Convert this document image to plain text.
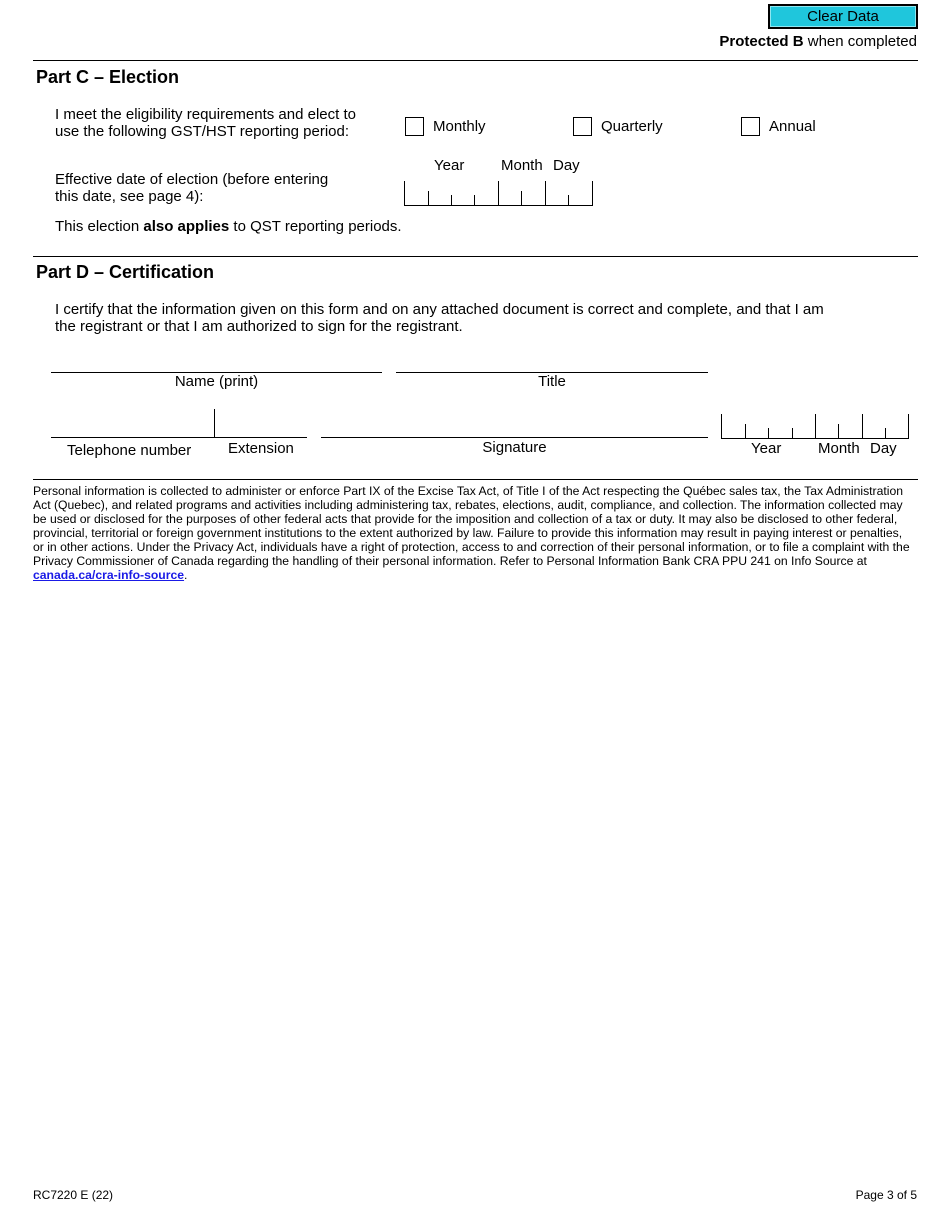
Clear Data
Protected B when completed
Part C – Election
I meet the eligibility requirements and elect to
use the following GST/HST reporting period:	Monthly	Quarterly	Annual
Effective date of election (before entering
this date, see page 4):
Year Month Day
This election also applies to QST reporting periods.
Part D – Certification
I certify that the information given on this form and on any attached document is correct and complete, and that I am
the registrant or that I am authorized to sign for the registrant.
Name (print)	Title
Telephone number Extension	Signature	Year Month Day
Personal information is collected to administer or enforce Part IX of the Excise Tax Act, of Title I of the Act respecting the Québec sales tax, the Tax Administration Act (Quebec), and related programs and activities including administering tax, rebates, elections, audit, compliance, and collection. The information collected may be used or disclosed for the purposes of other federal acts that provide for the imposition and collection of a tax or duty. It may also be disclosed to other federal, provincial, territorial or foreign government institutions to the extent authorized by law. Failure to provide this information may result in paying interest or penalties, or in other actions. Under the Privacy Act, individuals have a right of protection, access to and correction of their personal information, or to file a complaint with the Privacy Commissioner of Canada regarding the handling of their personal information. Refer to Personal Information Bank CRA PPU 241 on Info Source at canada.ca/cra-info-source.
RC7220 E (22)	Page 3 of 5
